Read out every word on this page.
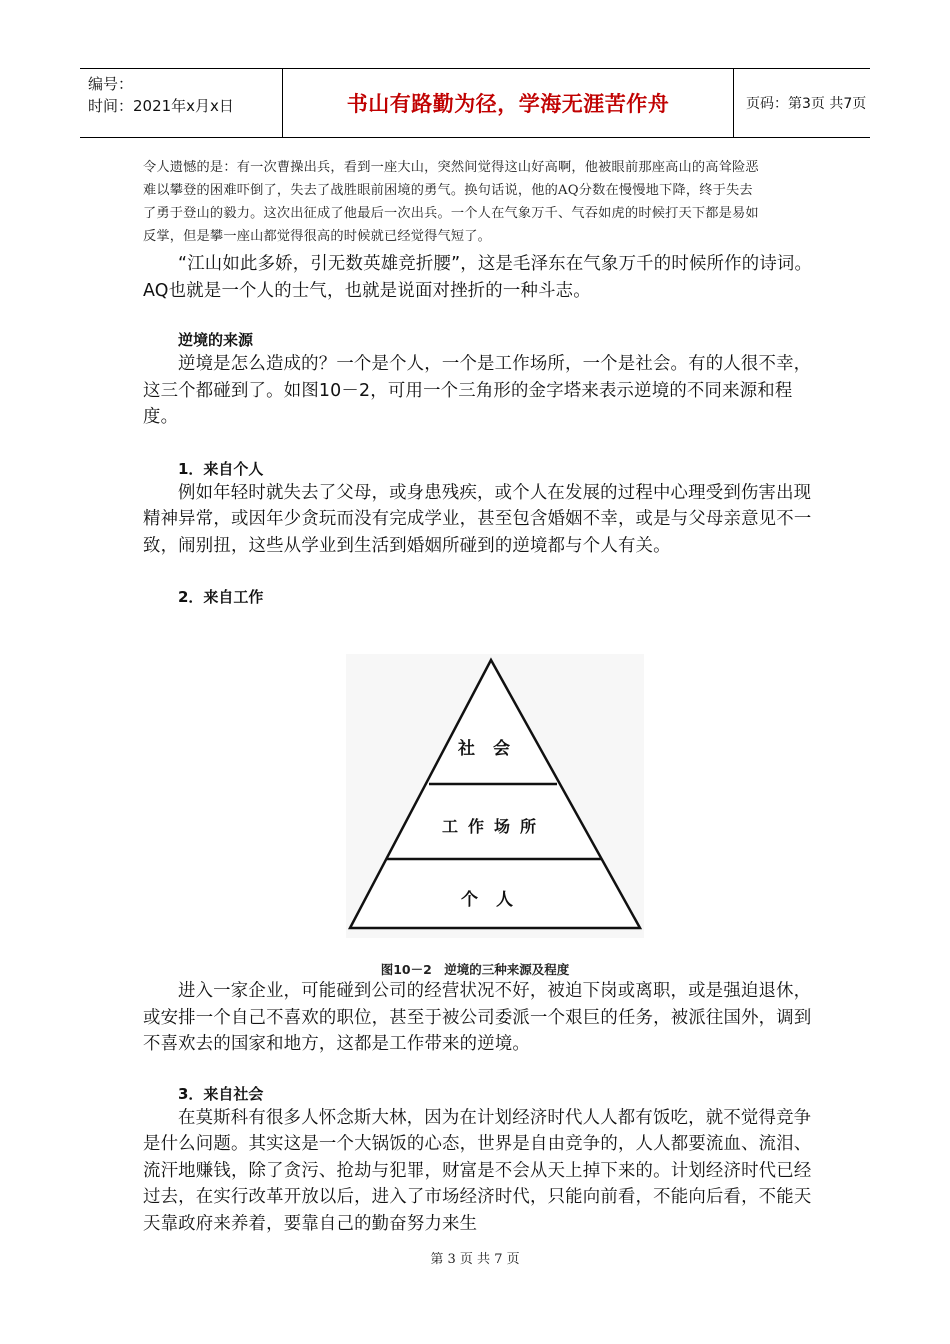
编号：
时间：2021年x月x日	书山有路勤为径，学海无涯苦作舟	页码：第3页 共7页
令人遗憾的是：有一次曹操出兵，看到一座大山，突然间觉得这山好高啊，他被眼前那座高山的高耸险恶
难以攀登的困难吓倒了，失去了战胜眼前困境的勇气。换句话说，他的AQ分数在慢慢地下降，终于失去
了勇于登山的毅力。这次出征成了他最后一次出兵。一个人在气象万千、气吞如虎的时候打天下都是易如
反掌，但是攀一座山都觉得很高的时候就已经觉得气短了。

“江山如此多娇，引无数英雄竞折腰”，这是毛泽东在气象万千的时候所作的诗词。AQ也就是一个人的士气，也就是说面对挫折的一种斗志。

逆境的来源

逆境是怎么造成的？一个是个人，一个是工作场所，一个是社会。有的人很不幸，这三个都碰到了。如图10－2，可用一个三角形的金字塔来表示逆境的不同来源和程度。

1．来自个人

例如年轻时就失去了父母，或身患残疾，或个人在发展的过程中心理受到伤害出现精神异常，或因年少贪玩而没有完成学业，甚至包含婚姻不幸，或是与父母亲意见不一致，闹别扭，这些从学业到生活到婚姻所碰到的逆境都与个人有关。

2．来自工作
社会
工作场所
个人
图10－2　逆境的三种来源及程度

进入一家企业，可能碰到公司的经营状况不好，被迫下岗或离职，或是强迫退休，或安排一个自己不喜欢的职位，甚至于被公司委派一个艰巨的任务，被派往国外，调到不喜欢去的国家和地方，这都是工作带来的逆境。

3．来自社会

在莫斯科有很多人怀念斯大林，因为在计划经济时代人人都有饭吃，就不觉得竞争是什么问题。其实这是一个大锅饭的心态，世界是自由竞争的，人人都要流血、流泪、流汗地赚钱，除了贪污、抢劫与犯罪，财富是不会从天上掉下来的。计划经济时代已经过去，在实行改革开放以后，进入了市场经济时代，只能向前看，不能向后看，不能天天靠政府来养着，要靠自己的勤奋努力来生

第 3 页 共 7 页
